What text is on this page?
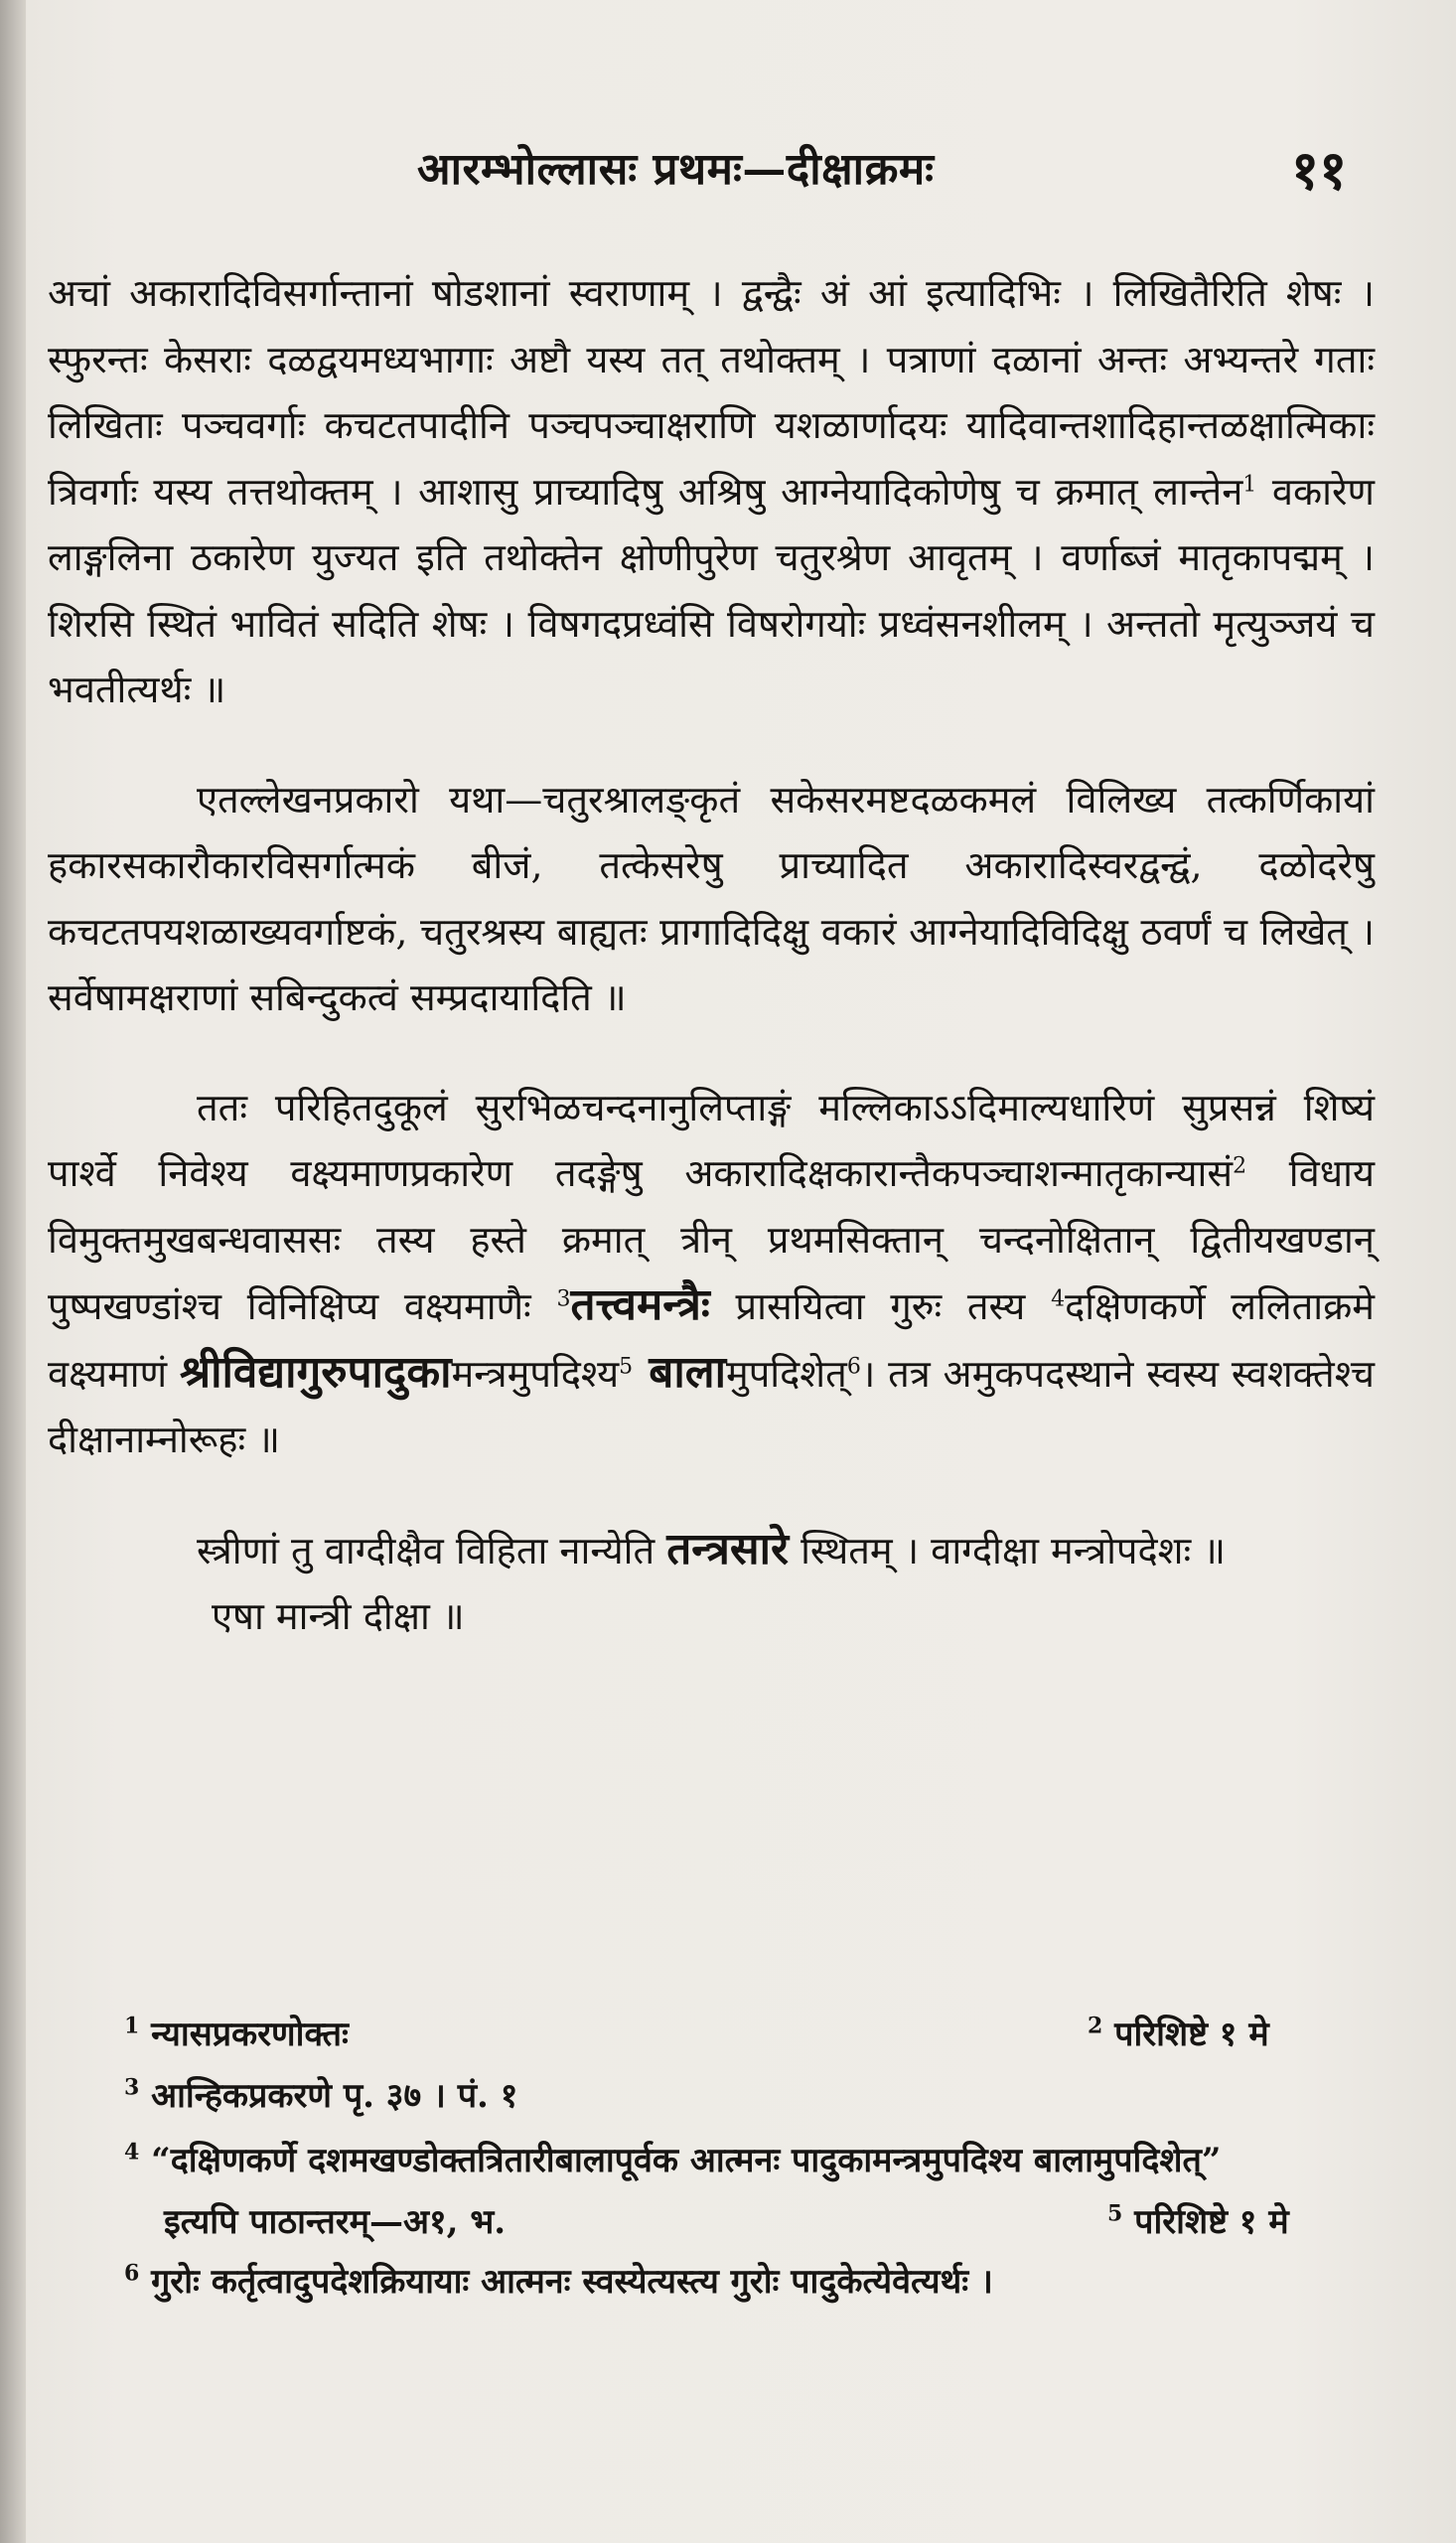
आरम्भोल्लासः प्रथमः—दीक्षाक्रमः	११

अचां अकारादिविसर्गान्तानां षोडशानां स्वराणाम् । द्वन्द्वैः अं आं इत्यादिभिः । लिखितैरिति शेषः । स्फुरन्तः केसराः दळद्वयमध्यभागाः अष्टौ यस्य तत् तथोक्तम् । पत्राणां दळानां अन्तः अभ्यन्तरे गताः लिखिताः पञ्चवर्गाः कचटतपादीनि पञ्चपञ्चाक्षराणि यशळार्णादयः यादिवान्तशादिहान्तळक्षात्मिकाः त्रिवर्गाः यस्य तत्तथोक्तम् । आशासु प्राच्यादिषु अश्रिषु आग्नेयादिकोणेषु च क्रमात् लान्तेन$^1$ वकारेण लाङ्गलिना ठकारेण युज्यत इति तथोक्तेन क्षोणीपुरेण चतुरश्रेण आवृतम् । वर्णाब्जं मातृकापद्मम् । शिरसि स्थितं भावितं सदिति शेषः । विषगदप्रध्वंसि विषरोगयोः प्रध्वंसनशीलम् । अन्ततो मृत्युञ्जयं च भवतीत्यर्थः ॥

एतल्लेखनप्रकारो यथा—चतुरश्रालङ्कृतं सकेसरमष्टदळकमलं विलिख्य तत्कर्णिकायां हकारसकारौकारविसर्गात्मकं बीजं, तत्केसरेषु प्राच्यादित अकारादिस्वरद्वन्द्वं, दळोदरेषु कचटतपयशळाख्यवर्गाष्टकं, चतुरश्रस्य बाह्यतः प्रागादिदिक्षु वकारं आग्नेयादिविदिक्षु ठवर्णं च लिखेत् । सर्वेषामक्षराणां सबिन्दुकत्वं सम्प्रदायादिति ॥

ततः परिहितदुकूलं सुरभिळचन्दनानुलिप्ताङ्गं मल्लिकाऽऽदिमाल्यधारिणं सुप्रसन्नं शिष्यं पार्श्वे निवेश्य वक्ष्यमाणप्रकारेण तदङ्गेषु अकारादिक्षकारान्तैकपञ्चाशन्मातृकान्यासं$^2$ विधाय विमुक्तमुखबन्धवाससः तस्य हस्ते क्रमात् त्रीन् प्रथमसिक्तान् चन्दनोक्षितान् द्वितीयखण्डान् पुष्पखण्डांश्च विनिक्षिप्य वक्ष्यमाणैः $^3$तत्त्वमन्त्रैः प्रासयित्वा गुरुः तस्य $^4$दक्षिणकर्णे ललिताक्रमे वक्ष्यमाणं श्रीविद्यागुरुपादुकामन्त्रमुपदिश्य$^5$ बालामुपदिशेत्$^6$। तत्र अमुकपदस्थाने स्वस्य स्वशक्तेश्च दीक्षानाम्नोरूहः ॥

स्त्रीणां तु वाग्दीक्षैव विहिता नान्येति तन्त्रसारे स्थितम् । वाग्दीक्षा मन्त्रोपदेशः ॥

एषा मान्त्री दीक्षा ॥
$^1$ न्यासप्रकरणोक्तः	$^2$ परिशिष्टे १ मे
$^3$ आन्हिकप्रकरणे पृ. ३७ । पं. १
$^4$ “दक्षिणकर्णे दशमखण्डोक्तत्रितारीबालापूर्वक आत्मनः पादुकामन्त्रमुपदिश्य बालामुपदिशेत्”
इत्यपि पाठान्तरम्—अ१, भ.	$^5$ परिशिष्टे १ मे
$^6$ गुरोः कर्तृत्वादुपदेशक्रियायाः आत्मनः स्वस्येत्यस्त्य गुरोः पादुकेत्येवेत्यर्थः ।
